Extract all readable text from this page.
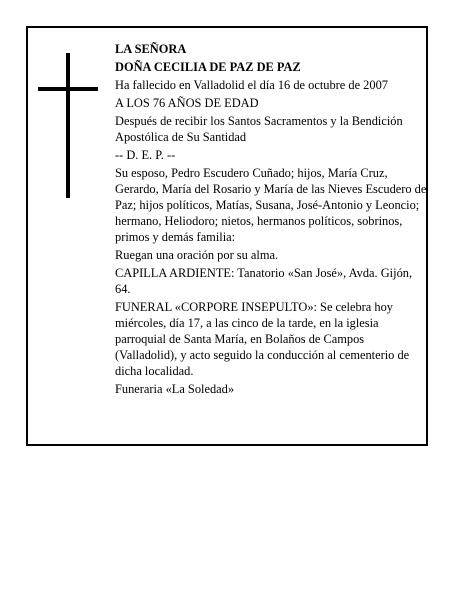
LA SEÑORA

DOÑA CECILIA DE PAZ DE PAZ

Ha fallecido en Valladolid el día 16 de octubre de 2007

A LOS 76 AÑOS DE EDAD

Después de recibir los Santos Sacramentos y la Bendición Apostólica de Su Santidad

-- D. E. P. --

Su esposo, Pedro Escudero Cuñado; hijos, María Cruz, Gerardo, María del Rosario y María de las Nieves Escudero de Paz; hijos políticos, Matías, Susana, José-Antonio y Leoncio; hermano, Heliodoro; nietos, hermanos políticos, sobrinos, primos y demás familia:

Ruegan una oración por su alma.

CAPILLA ARDIENTE: Tanatorio «San José», Avda. Gijón, 64.

FUNERAL «CORPORE INSEPULTO»: Se celebra hoy miércoles, día 17, a las cinco de la tarde, en la iglesia parroquial de Santa María, en Bolaños de Campos (Valladolid), y acto seguido la conducción al cementerio de dicha localidad.

Funeraria «La Soledad»
